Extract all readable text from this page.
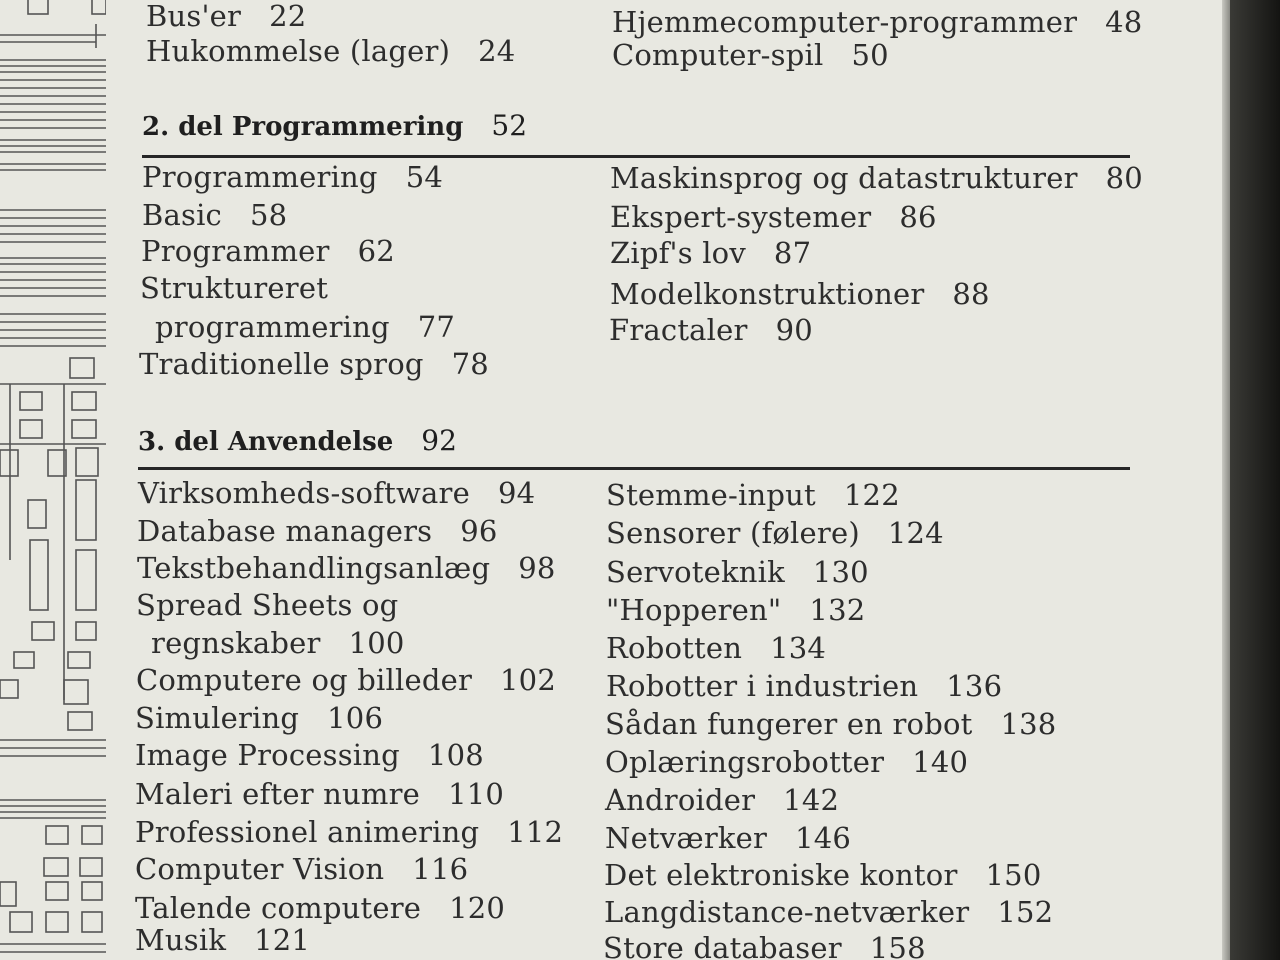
Bus'er 22
Hukommelse (lager) 24
Hjemmecomputer-programmer 48
Computer-spil 50
2. del Programmering 52
Programmering 54
Basic 58
Programmer 62
Struktureret
programmering 77
Traditionelle sprog 78
Maskinsprog og datastrukturer 80
Ekspert-systemer 86
Zipf's lov 87
Modelkonstruktioner 88
Fractaler 90
3. del Anvendelse 92
Virksomheds-software 94
Database managers 96
Tekstbehandlingsanlæg 98
Spread Sheets og
regnskaber 100
Computere og billeder 102
Simulering 106
Image Processing 108
Maleri efter numre 110
Professionel animering 112
Computer Vision 116
Talende computere 120
Musik 121
Stemme-input 122
Sensorer (følere) 124
Servoteknik 130
"Hopperen" 132
Robotten 134
Robotter i industrien 136
Sådan fungerer en robot 138
Oplæringsrobotter 140
Androider 142
Netværker 146
Det elektroniske kontor 150
Langdistance-netværker 152
Store databaser 158
